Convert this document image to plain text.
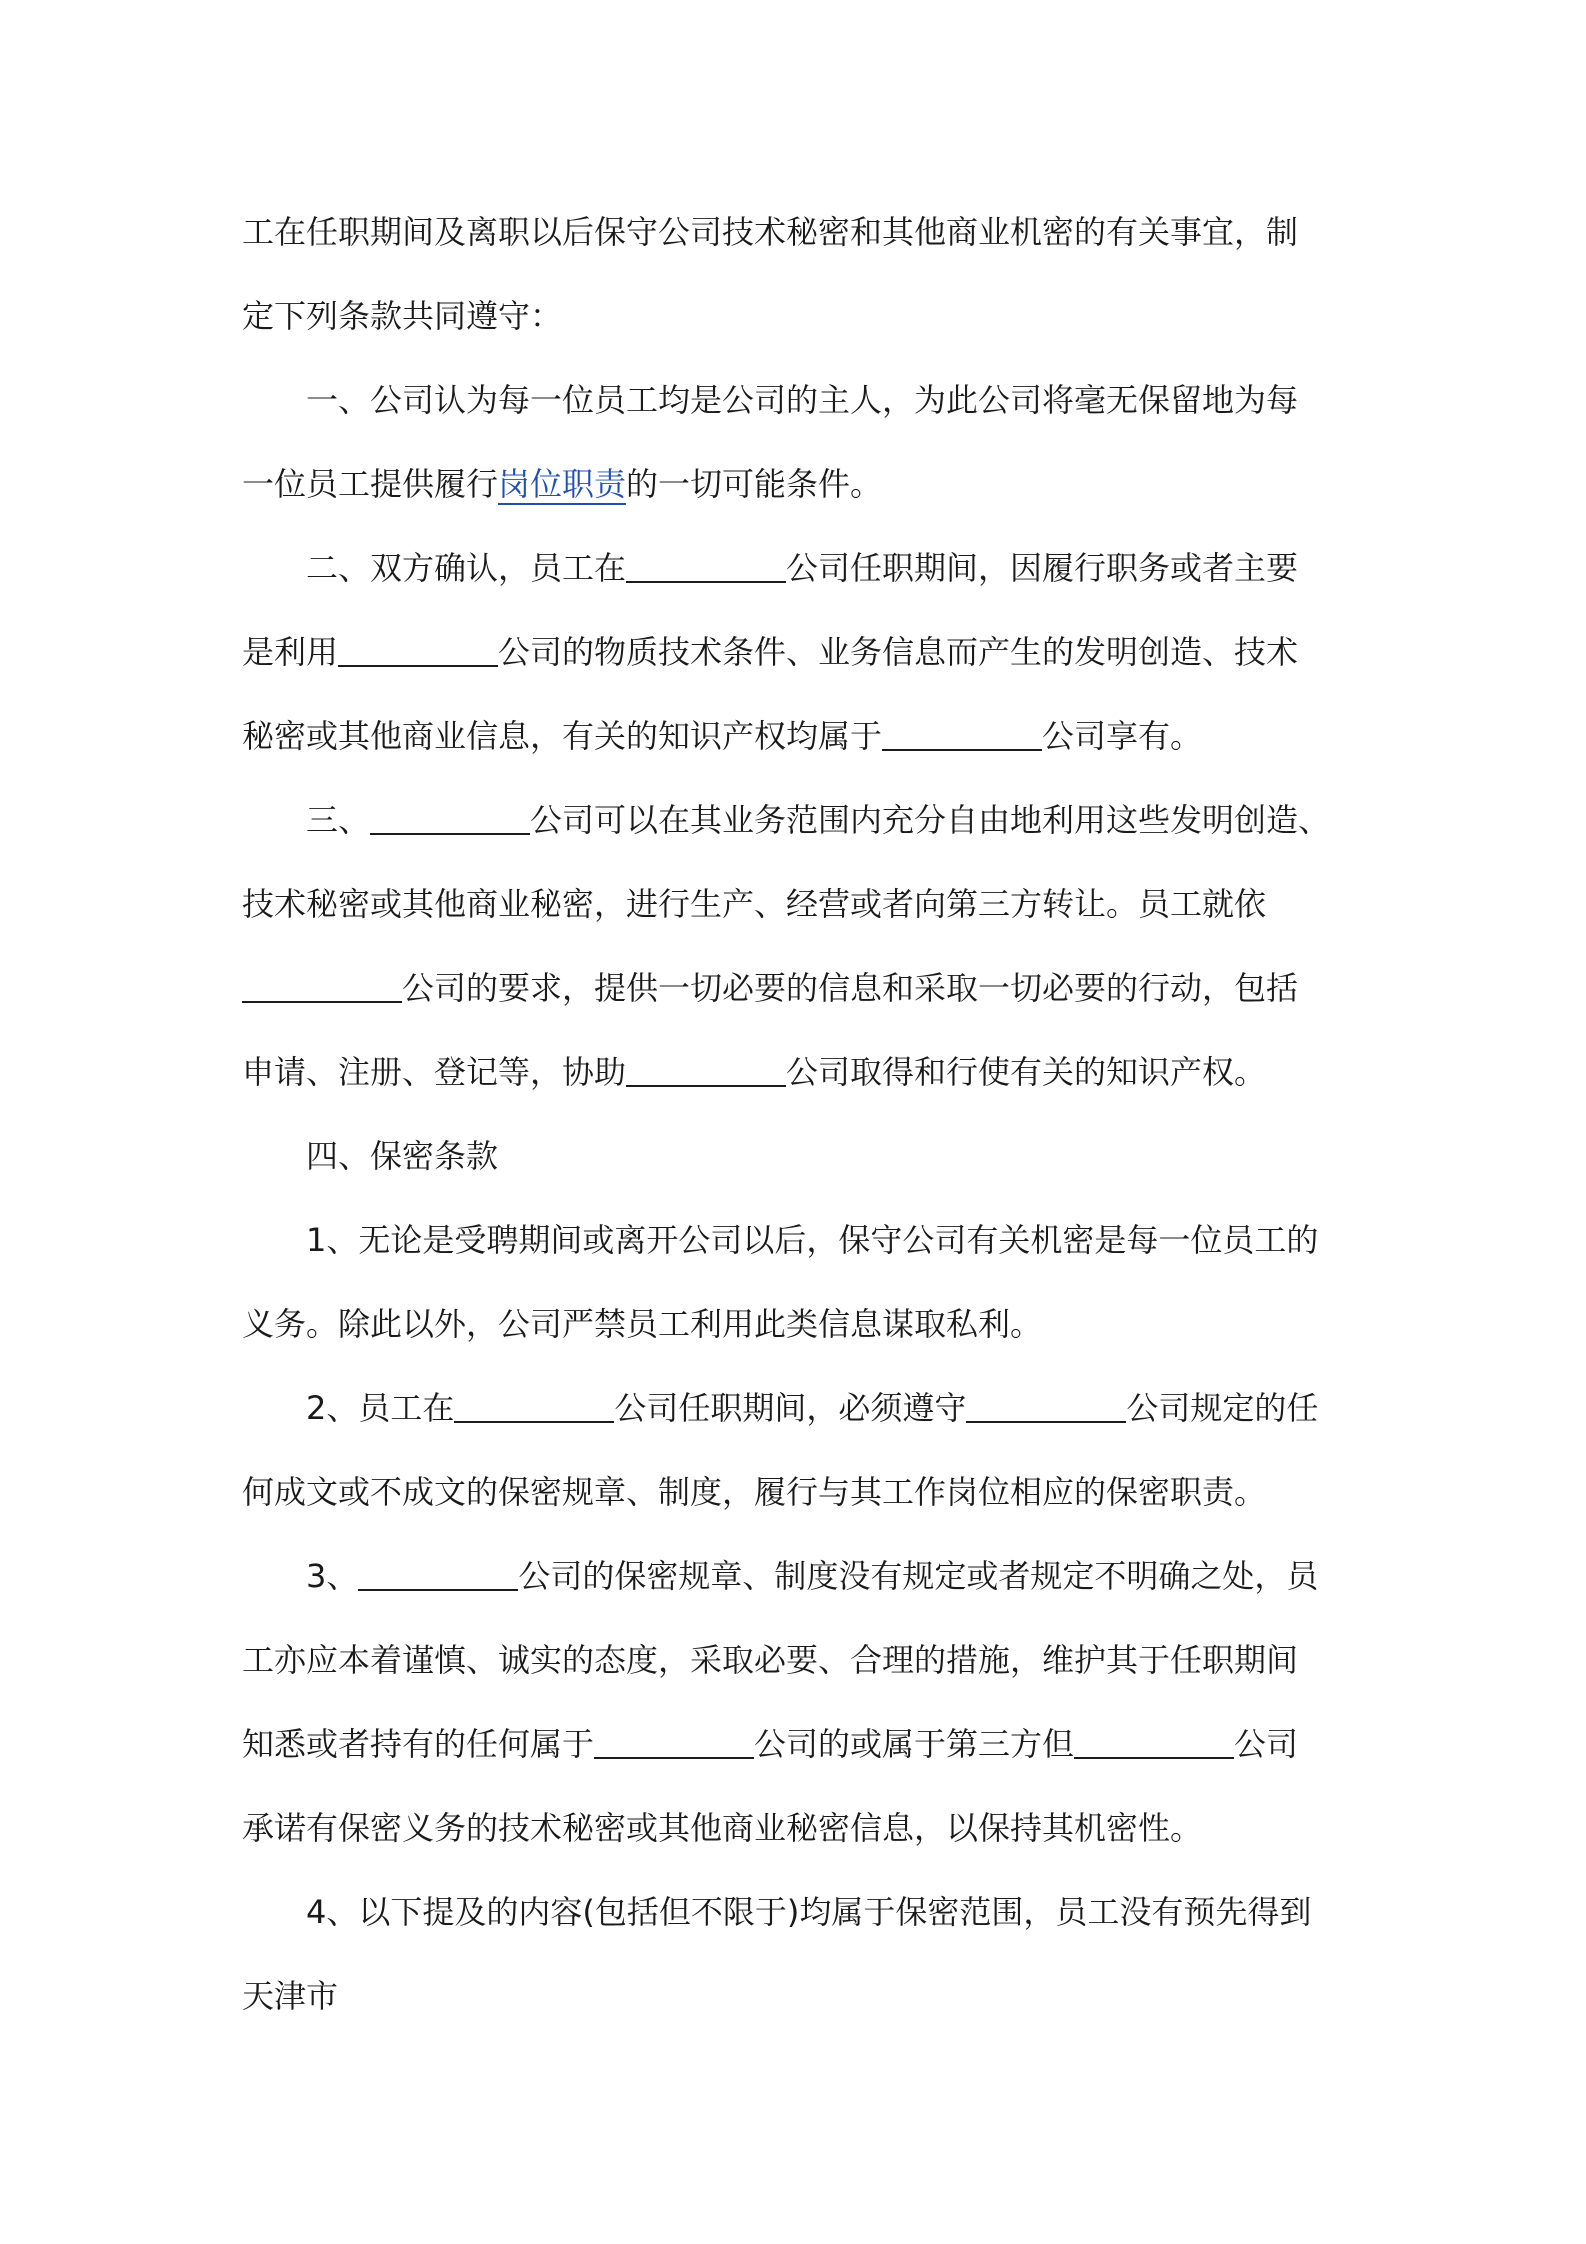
工在任职期间及离职以后保守公司技术秘密和其他商业机密的有关事宜，制
定下列条款共同遵守：
一、公司认为每一位员工均是公司的主人，为此公司将毫无保留地为每
一位员工提供履行岗位职责的一切可能条件。
二、双方确认，员工在	公司任职期间，因履行职务或者主要
是利用	公司的物质技术条件、业务信息而产生的发明创造、技术
秘密或其他商业信息，有关的知识产权均属于	公司享有。
三、	公司可以在其业务范围内充分自由地利用这些发明创造、
技术秘密或其他商业秘密，进行生产、经营或者向第三方转让。员工就依
公司的要求，提供一切必要的信息和采取一切必要的行动，包括
申请、注册、登记等，协助	公司取得和行使有关的知识产权。
四、保密条款
1、无论是受聘期间或离开公司以后，保守公司有关机密是每一位员工的
义务。除此以外，公司严禁员工利用此类信息谋取私利。
2、员工在	公司任职期间，必须遵守	公司规定的任
何成文或不成文的保密规章、制度，履行与其工作岗位相应的保密职责。
3、	公司的保密规章、制度没有规定或者规定不明确之处，员
工亦应本着谨慎、诚实的态度，采取必要、合理的措施，维护其于任职期间
知悉或者持有的任何属于	公司的或属于第三方但	公司
承诺有保密义务的技术秘密或其他商业秘密信息，以保持其机密性。
4、以下提及的内容(包括但不限于)均属于保密范围，员工没有预先得到
天津市
